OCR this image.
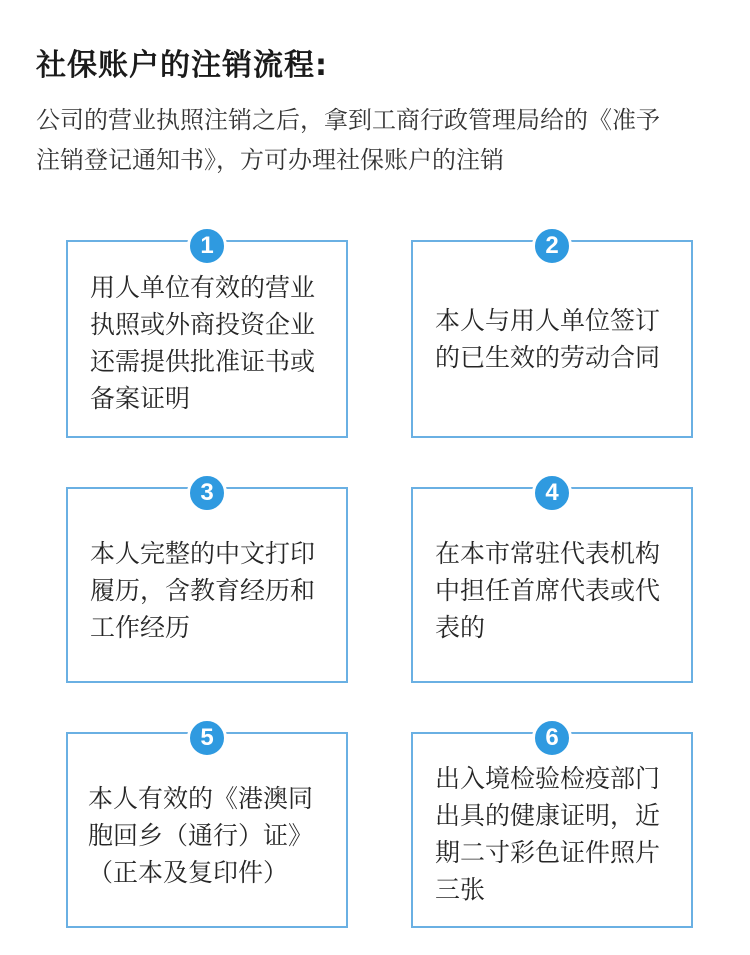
社保账户的注销流程:

公司的营业执照注销之后，拿到工商行政管理局给的《准予

注销登记通知书》，方可办理社保账户的注销

1
用人单位有效的营业
执照或外商投资企业
还需提供批准证书或
备案证明
2
本人与用人单位签订
的已生效的劳动合同
3
本人完整的中文打印
履历，含教育经历和
工作经历
4
在本市常驻代表机构
中担任首席代表或代
表的
5
本人有效的《港澳同
胞回乡（通行）证》
（正本及复印件）
6
出入境检验检疫部门
出具的健康证明，近
期二寸彩色证件照片
三张
